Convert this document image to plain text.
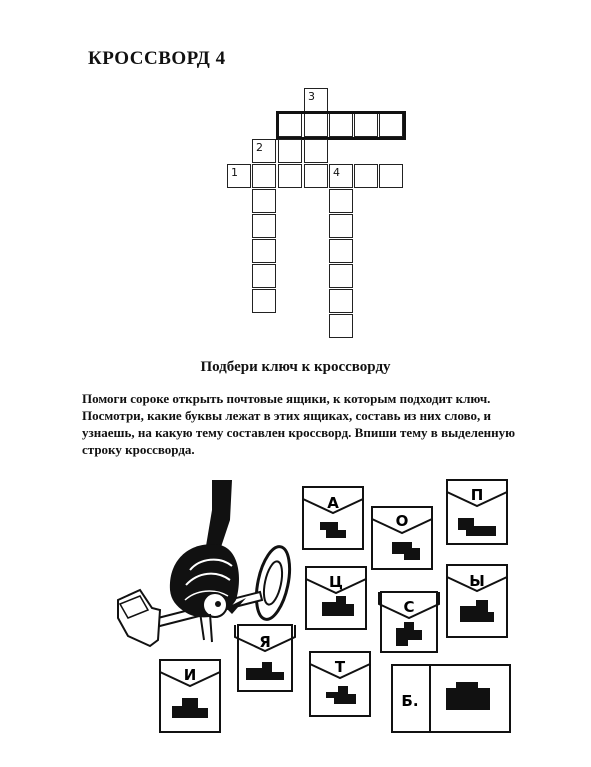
КРОССВОРД 4
3
2
1	4
Подбери ключ к кроссворду
Помоги сороке открыть почтовые ящики, к которым подходит ключ.
Посмотри, какие буквы лежат в этих ящиках, составь из них слово, и
узнаешь, на какую тему составлен кроссворд. Впиши тему в выделенную
строку кроссворда.
А
О
П
Ц
С
Ы
Я
Т
И
Б.
